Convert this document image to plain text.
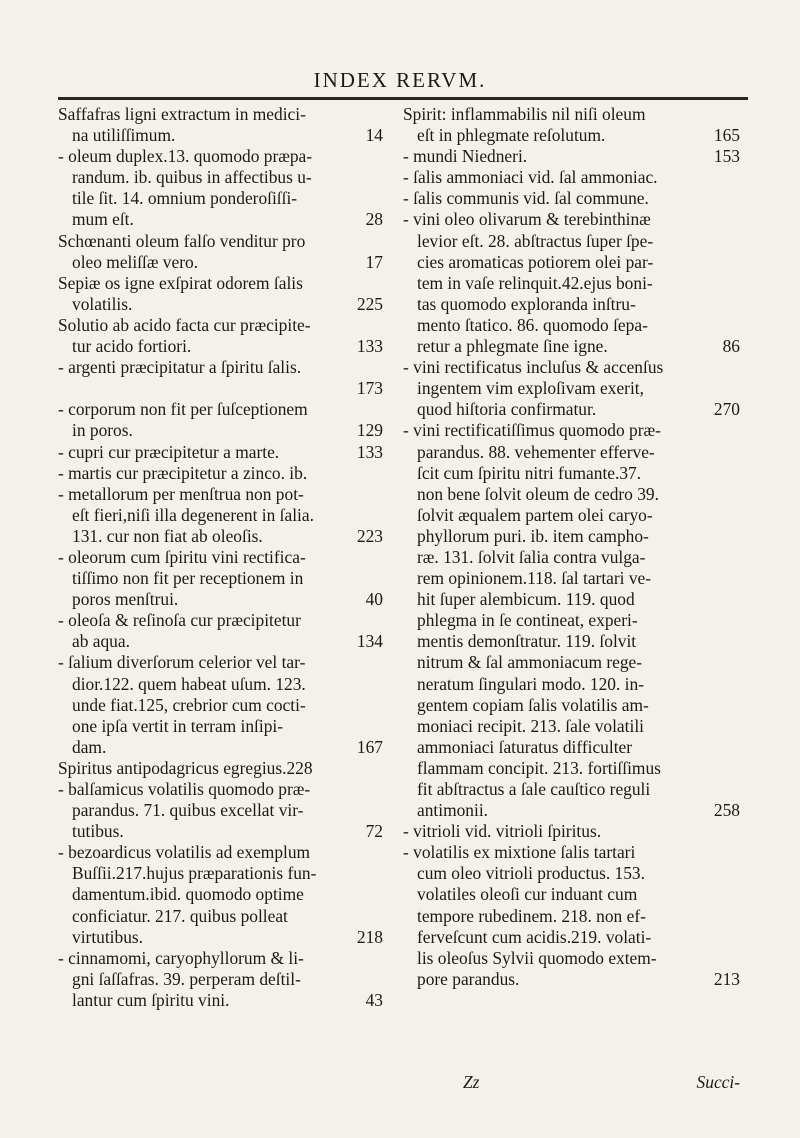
INDEX RERVM.
Saffafras ligni extractum in medici-
na utiliſſimum.	14
- oleum duplex.13. quomodo præpa-
randum. ib. quibus in affectibus u-
tile ſit. 14. omnium ponderoſiſſi-
mum eſt.	28
Schœnanti oleum falſo venditur pro
oleo meliſſæ vero.	17
Sepiæ os igne exſpirat odorem ſalis
volatilis.	225
Solutio ab acido facta cur præcipite-
tur acido fortiori.	133
- argenti præcipitatur a ſpiritu ſalis.
173
- corporum non fit per ſuſceptionem
in poros.	129
- cupri cur præcipitetur a marte.	133
- martis cur præcipitetur a zinco. ib.
- metallorum per menſtrua non pot-
eſt fieri,niſi illa degenerent in ſalia.
131. cur non fiat ab oleoſis.	223
- oleorum cum ſpiritu vini rectifica-
tiſſimo non fit per receptionem in
poros menſtrui.	40
- oleoſa & reſinoſa cur præcipitetur
ab aqua.	134
- ſalium diverſorum celerior vel tar-
dior.122. quem habeat uſum. 123.
unde fiat.125, crebrior cum cocti-
one ipſa vertit in terram inſipi-
dam.	167
Spiritus antipodagricus egregius.228
- balſamicus volatilis quomodo præ-
parandus. 71. quibus excellat vir-
tutibus.	72
- bezoardicus volatilis ad exemplum
Buſſii.217.hujus præparationis fun-
damentum.ibid. quomodo optime
conficiatur. 217. quibus polleat
virtutibus.	218
- cinnamomi, caryophyllorum & li-
gni ſaſſafras. 39. perperam deſtil-
lantur cum ſpiritu vini.	43
Spirit: inflammabilis nil niſi oleum
eſt in phlegmate reſolutum.	165
- mundi Niedneri.	153
- ſalis ammoniaci vid. ſal ammoniac.
- ſalis communis vid. ſal commune.
- vini oleo olivarum & terebinthinæ
levior eſt. 28. abſtractus ſuper ſpe-
cies aromaticas potiorem olei par-
tem in vaſe relinquit.42.ejus boni-
tas quomodo exploranda inſtru-
mento ſtatico. 86. quomodo ſepa-
retur a phlegmate ſine igne.	86
- vini rectificatus incluſus & accenſus
ingentem vim exploſivam exerit,
quod hiſtoria confirmatur.	270
- vini rectificatiſſimus quomodo præ-
parandus. 88. vehementer efferve-
ſcit cum ſpiritu nitri fumante.37.
non bene ſolvit oleum de cedro 39.
ſolvit æqualem partem olei caryo-
phyllorum puri. ib. item campho-
ræ. 131. ſolvit ſalia contra vulga-
rem opinionem.118. ſal tartari ve-
hit ſuper alembicum. 119. quod
phlegma in ſe contineat, experi-
mentis demonſtratur. 119. ſolvit
nitrum & ſal ammoniacum rege-
neratum ſingulari modo. 120. in-
gentem copiam ſalis volatilis am-
moniaci recipit. 213. ſale volatili
ammoniaci ſaturatus difficulter
flammam concipit. 213. fortiſſimus
fit abſtractus a ſale cauſtico reguli
antimonii.	258
- vitrioli vid. vitrioli ſpiritus.
- volatilis ex mixtione ſalis tartari
cum oleo vitrioli productus. 153.
volatiles oleoſi cur induant cum
tempore rubedinem. 218. non ef-
ferveſcunt cum acidis.219. volati-
lis oleoſus Sylvii quomodo extem-
pore parandus.	213
Zz	Succi-
